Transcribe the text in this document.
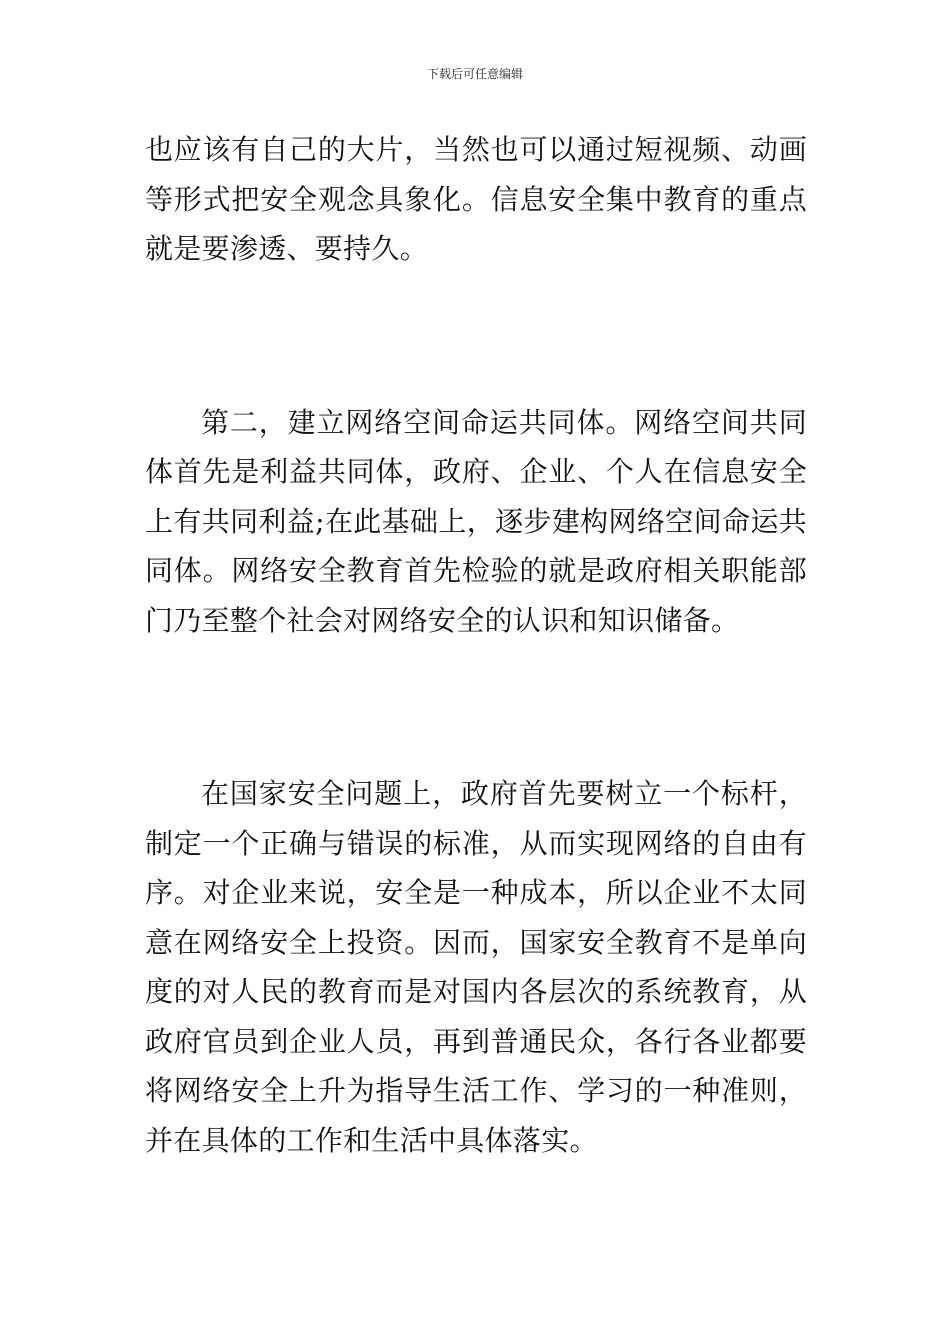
下载后可任意编辑

也应该有自己的大片，当然也可以通过短视频、动画等形式把安全观念具象化。信息安全集中教育的重点就是要渗透、要持久。

第二，建立网络空间命运共同体。网络空间共同体首先是利益共同体，政府、企业、个人在信息安全上有共同利益;在此基础上，逐步建构网络空间命运共同体。网络安全教育首先检验的就是政府相关职能部门乃至整个社会对网络安全的认识和知识储备。

在国家安全问题上，政府首先要树立一个标杆，制定一个正确与错误的标准，从而实现网络的自由有序。对企业来说，安全是一种成本，所以企业不太同意在网络安全上投资。因而，国家安全教育不是单向度的对人民的教育而是对国内各层次的系统教育，从政府官员到企业人员，再到普通民众，各行各业都要将网络安全上升为指导生活工作、学习的一种准则，并在具体的工作和生活中具体落实。
